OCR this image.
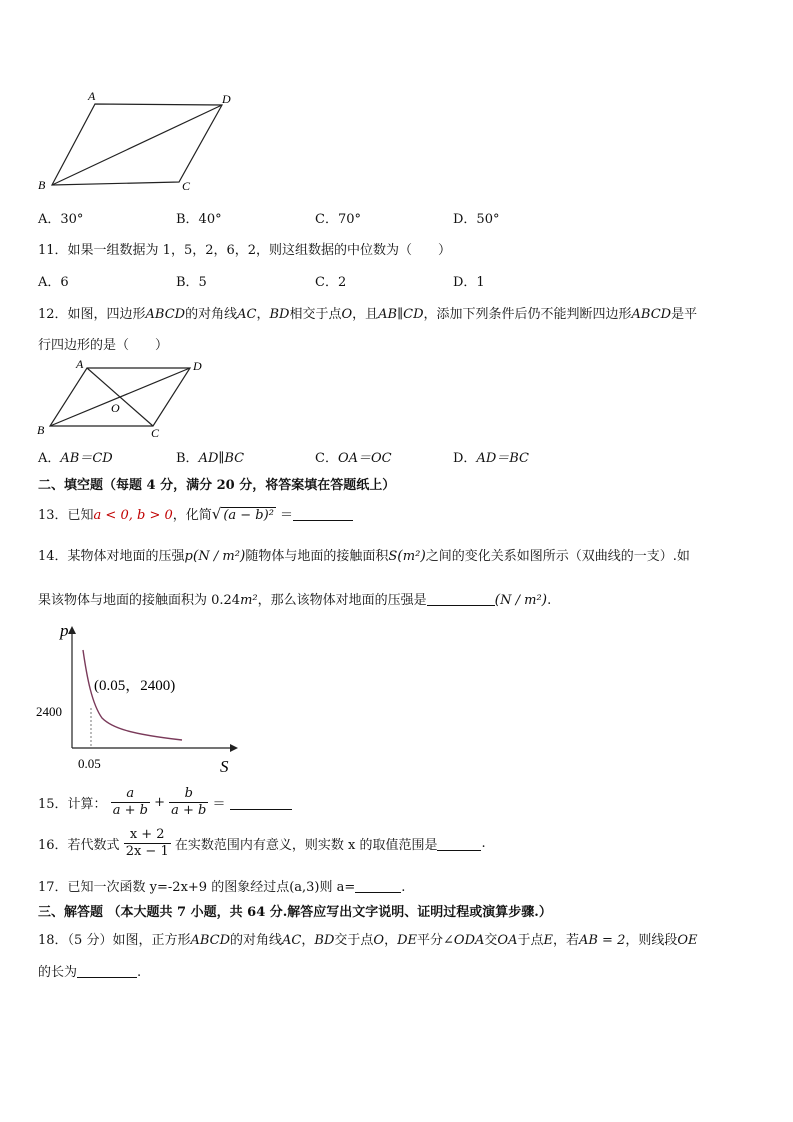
A	D
B	C
A．30°	B．40°	C．70°	D．50°
11．如果一组数据为 1，5，2，6，2，则这组数据的中位数为（　　）
A．6	B．5	C．2	D．1
12．如图，四边形ABCD的对角线AC，BD相交于点O，且AB∥CD，添加下列条件后仍不能判断四边形ABCD是平
行四边形的是（　　）
A	D
B	C
O
A．AB＝CD	B．AD∥BC	C．OA＝OC	D．AD＝BC
二、填空题（每题 4 分，满分 20 分，将答案填在答题纸上）
13．已知a < 0, b > 0，化简√ (a − b)² ＝
14．某物体对地面的压强p(N / m²)随物体与地面的接触面积S(m²)之间的变化关系如图所示（双曲线的一支）.如
果该物体与地面的接触面积为 0.24m²，那么该物体对地面的压强是	(N / m²).
p
S
2400
0.05
(0.05，2400)
15．计算： $\frac{a}{a + b} + \frac{b}{a + b}$ ＝
16．若代数式 $\frac{x + 2}{2x - 1}$ 在实数范围内有意义，则实数 x 的取值范围是	.
17．已知一次函数 y=-2x+9 的图象经过点(a,3)则 a=	.
三、解答题 （本大题共 7 小题，共 64 分.解答应写出文字说明、证明过程或演算步骤.）
18．（5 分）如图，正方形ABCD的对角线AC，BD交于点O，DE平分∠ODA交OA于点E，若AB = 2，则线段OE
的长为	.
